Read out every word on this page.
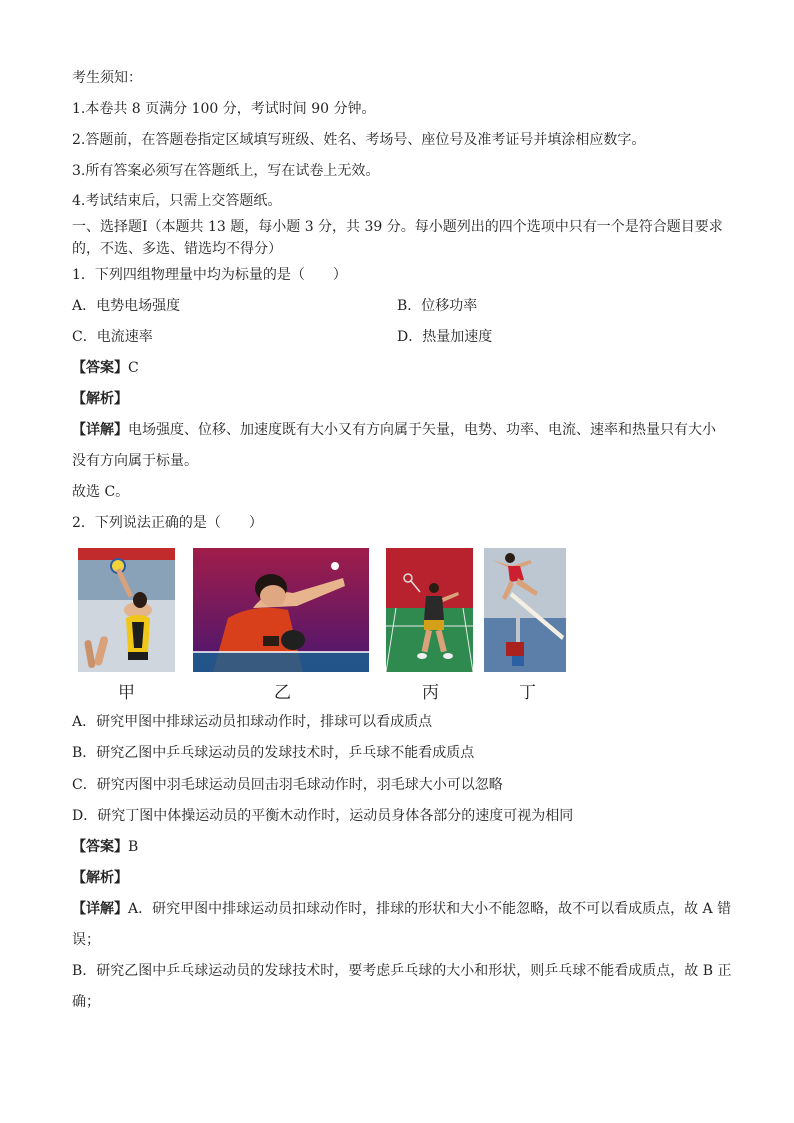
考生须知：
1.本卷共 8 页满分 100 分，考试时间 90 分钟。
2.答题前，在答题卷指定区域填写班级、姓名、考场号、座位号及准考证号并填涂相应数字。
3.所有答案必须写在答题纸上，写在试卷上无效。
4.考试结束后，只需上交答题纸。
一、选择题Ⅰ（本题共 13 题，每小题 3 分，共 39 分。每小题列出的四个选项中只有一个是符合题目要求
的，不选、多选、错选均不得分）
1．下列四组物理量中均为标量的是（　　）
A．电势电场强度	B．位移功率
C．电流速率	D．热量加速度
【答案】C
【解析】
【详解】电场强度、位移、加速度既有大小又有方向属于矢量，电势、功率、电流、速率和热量只有大小
没有方向属于标量。
故选 C。
2．下列说法正确的是（　　）
甲	乙	丙	丁
A．研究甲图中排球运动员扣球动作时，排球可以看成质点
B．研究乙图中乒乓球运动员的发球技术时，乒乓球不能看成质点
C．研究丙图中羽毛球运动员回击羽毛球动作时，羽毛球大小可以忽略
D．研究丁图中体操运动员的平衡木动作时，运动员身体各部分的速度可视为相同
【答案】B
【解析】
【详解】A．研究甲图中排球运动员扣球动作时，排球的形状和大小不能忽略，故不可以看成质点，故 A 错
误；
B．研究乙图中乒乓球运动员的发球技术时，要考虑乒乓球的大小和形状，则乒乓球不能看成质点，故 B 正
确；
